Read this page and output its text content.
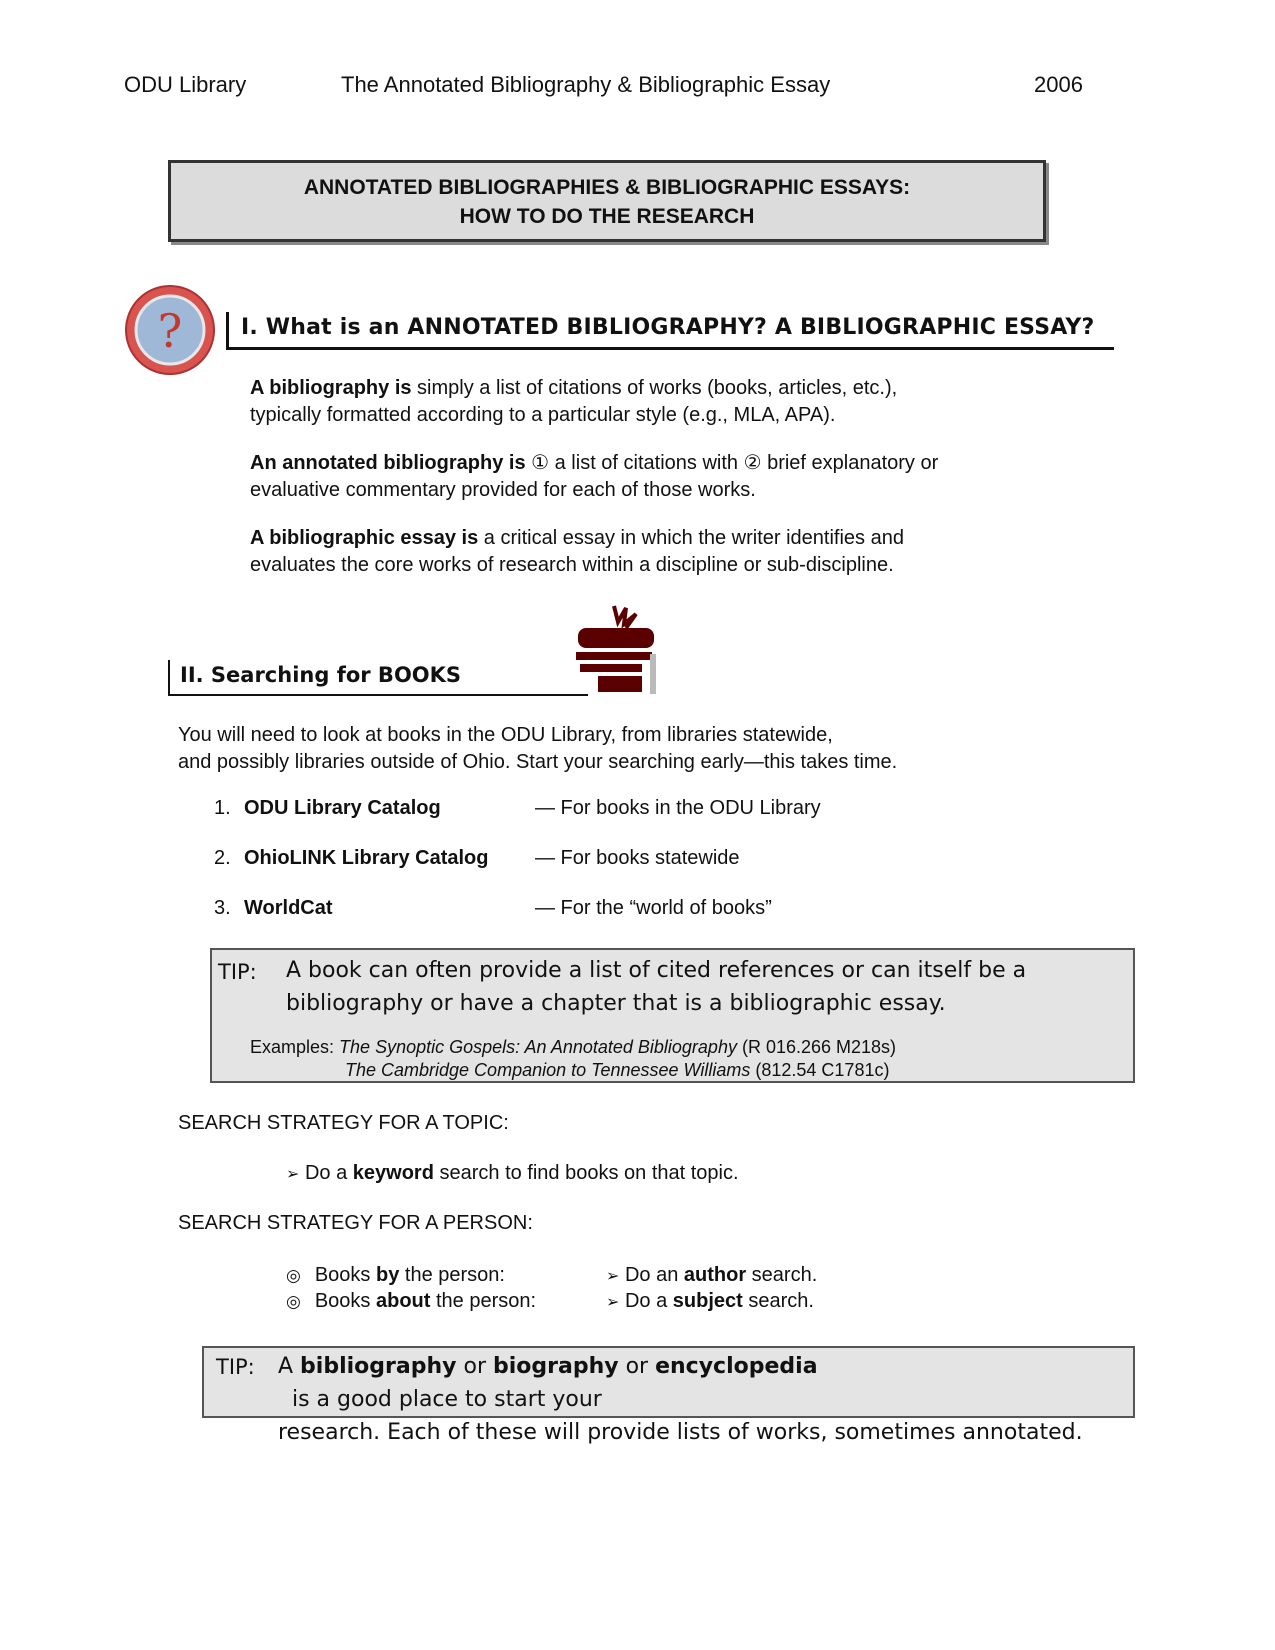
ODU Library	The Annotated Bibliography & Bibliographic Essay	2006
ANNOTATED BIBLIOGRAPHIES & BIBLIOGRAPHIC ESSAYS:
HOW TO DO THE RESEARCH
?	I. What is an ANNOTATED BIBLIOGRAPHY? A BIBLIOGRAPHIC ESSAY?
A bibliography is simply a list of citations of works (books, articles, etc.),
typically formatted according to a particular style (e.g., MLA, APA).
An annotated bibliography is ① a list of citations with ② brief explanatory or
evaluative commentary provided for each of those works.
A bibliographic essay is a critical essay in which the writer identifies and
evaluates the core works of research within a discipline or sub-discipline.
II. Searching for BOOKS
You will need to look at books in the ODU Library, from libraries statewide,
and possibly libraries outside of Ohio. Start your searching early—this takes time.
1. ODU Library Catalog	— For books in the ODU Library
2. OhioLINK Library Catalog — For books statewide
3. WorldCat	— For the “world of books”
TIP: A book can often provide a list of cited references or can itself be a
bibliography or have a chapter that is a bibliographic essay.
Examples: The Synoptic Gospels: An Annotated Bibliography (R 016.266 M218s)
The Cambridge Companion to Tennessee Williams (812.54 C1781c)
SEARCH STRATEGY FOR A TOPIC:
➢ Do a keyword search to find books on that topic.
SEARCH STRATEGY FOR A PERSON:
◎ Books by the person:	➢ Do an author search.
◎ Books about the person:	➢ Do a subject search.
TIP: A bibliography or biography or encyclopedia  is a good place to start your
research. Each of these will provide lists of works, sometimes annotated.
